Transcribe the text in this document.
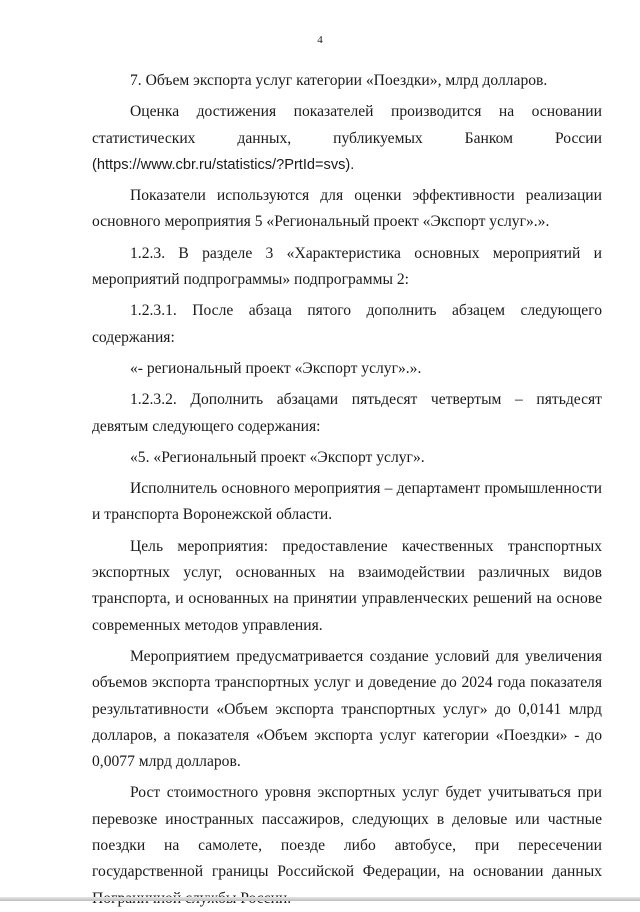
4

7. Объем экспорта услуг категории «Поездки», млрд долларов.

Оценка достижения показателей производится на основании статистических данных, публикуемых Банком России (https://www.cbr.ru/statistics/?PrtId=svs).

Показатели используются для оценки эффективности реализации основного мероприятия 5 «Региональный проект «Экспорт услуг».».

1.2.3. В разделе 3 «Характеристика основных мероприятий и мероприятий подпрограммы» подпрограммы 2:

1.2.3.1. После абзаца пятого дополнить абзацем следующего содержания:

«- региональный проект «Экспорт услуг».».

1.2.3.2. Дополнить абзацами пятьдесят четвертым – пятьдесят девятым следующего содержания:

«5. «Региональный проект «Экспорт услуг».

Исполнитель основного мероприятия – департамент промышленности и транспорта Воронежской области.

Цель мероприятия: предоставление качественных транспортных экспортных услуг, основанных на взаимодействии различных видов транспорта, и основанных на принятии управленческих решений на основе современных методов управления.

Мероприятием предусматривается создание условий для увеличения объемов экспорта транспортных услуг и доведение до 2024 года показателя результативности «Объем экспорта транспортных услуг» до 0,0141 млрд долларов, а показателя «Объем экспорта услуг категории «Поездки» - до 0,0077 млрд долларов.

Рост стоимостного уровня экспортных услуг будет учитываться при перевозке иностранных пассажиров, следующих в деловые или частные поездки на самолете, поезде либо автобусе, при пересечении государственной границы Российской Федерации, на основании данных
